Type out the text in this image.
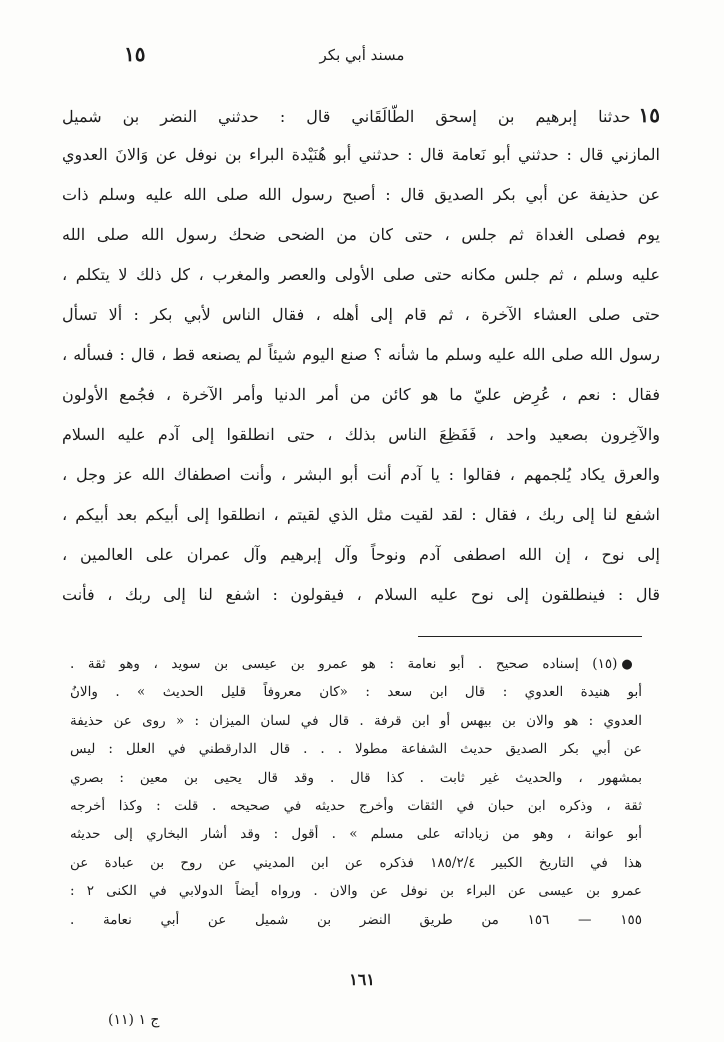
مسند أبي بكر
١٥
١٥حدثنا إبرهيم بن إسحق الطّالَقَاني قال : حدثني النضر بن شميل
المازني قال : حدثني أبو نَعامة قال : حدثني أبو هُنَيْدة البراء بن نوفل عن وَالانَ العدوي
عن حذيفة عن أبي بكر الصديق قال : أصبح رسول الله صلى الله عليه وسلم ذات
يوم فصلى الغداة ثم جلس ، حتى كان من الضحى ضحك رسول الله صلى الله
عليه وسلم ، ثم جلس مكانه حتى صلى الأولى والعصر والمغرب ، كل ذلك لا يتكلم ،
حتى صلى العشاء الآخرة ، ثم قام إلى أهله ، فقال الناس لأبي بكر : ألا تسأل
رسول الله صلى الله عليه وسلم ما شأنه ؟ صنع اليوم شيئاً لم يصنعه قط ، قال : فسأله ،
فقال : نعم ، عُرِض عليّ ما هو كائن من أمر الدنيا وأمر الآخرة ، فجُمع الأولون
والآخِرون بصعيد واحد ، فَفَظِعَ الناس بذلك ، حتى انطلقوا إلى آدم عليه السلام
والعرق يكاد يُلجمهم ، فقالوا : يا آدم أنت أبو البشر ، وأنت اصطفاك الله عز وجل ،
اشفع لنا إلى ربك ، فقال : لقد لقيت مثل الذي لقيتم ، انطلقوا إلى أبيكم بعد أبيكم ،
إلى نوح ، إن الله اصطفى آدم ونوحاً وآل إبرهيم وآل عمران على العالمين ،
قال : فينطلقون إلى نوح عليه السلام ، فيقولون : اشفع لنا إلى ربك ، فأنت
●(١٥) إسناده صحيح . أبو نعامة : هو عمرو بن عيسى بن سويد ، وهو ثقة .
أبو هنيدة العدوي : قال ابن سعد : «كان معروفاً قليل الحديث » . والانُ
العدوي : هو والان بن بيهس أو ابن قرفة . قال في لسان الميزان : « روى عن حذيفة
عن أبي بكر الصديق حديث الشفاعة مطولا . . . قال الدارقطني في العلل : ليس
بمشهور ، والحديث غير ثابت . كذا قال . وقد قال يحيى بن معين : بصري
ثقة ، وذكره ابن حبان في الثقات وأخرج حديثه في صحيحه . قلت : وكذا أخرجه
أبو عوانة ، وهو من زياداته على مسلم » . أقول : وقد أشار البخاري إلى حديثه
هذا في التاريخ الكبير ١٨٥/٢/٤ فذكره عن ابن المديني عن روح بن عبادة عن
عمرو بن عيسى عن البراء بن نوفل عن والان . ورواه أيضاً الدولابي في الكنى ٢ :
١٥٥ — ١٥٦ من طريق النضر بن شميل عن أبي نعامة .
١٦١
ج ١ (١١)
